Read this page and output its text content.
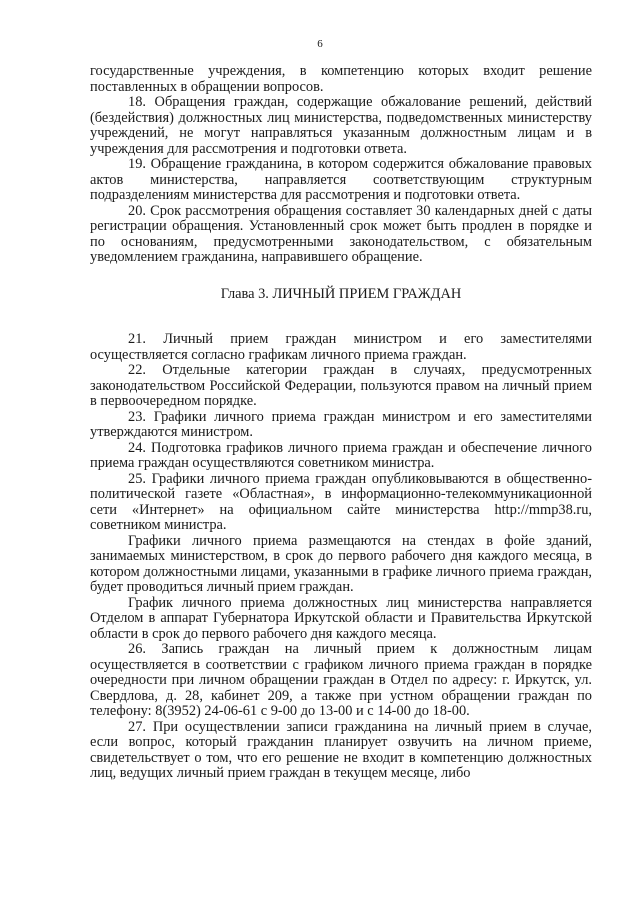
6

государственные учреждения, в компетенцию которых входит решение поставленных в обращении вопросов.

18. Обращения граждан, содержащие обжалование решений, действий (бездействия) должностных лиц министерства, подведомственных министерству учреждений, не могут направляться указанным должностным лицам и в учреждения для рассмотрения и подготовки ответа.

19. Обращение гражданина, в котором содержится обжалование правовых актов министерства, направляется соответствующим структурным подразделениям министерства для рассмотрения и подготовки ответа.

20. Срок рассмотрения обращения составляет 30 календарных дней с даты регистрации обращения. Установленный срок может быть продлен в порядке и по основаниям, предусмотренными законодательством, с обязательным уведомлением гражданина, направившего обращение.

Глава 3. ЛИЧНЫЙ ПРИЕМ ГРАЖДАН

21. Личный прием граждан министром и его заместителями осуществляется согласно графикам личного приема граждан.

22. Отдельные категории граждан в случаях, предусмотренных законодательством Российской Федерации, пользуются правом на личный прием в первоочередном порядке.

23. Графики личного приема граждан министром и его заместителями утверждаются министром.

24. Подготовка графиков личного приема граждан и обеспечение личного приема граждан осуществляются советником министра.

25. Графики личного приема граждан опубликовываются в общественно-политической газете «Областная», в информационно-телекоммуникационной сети «Интернет» на официальном сайте министерства http://mmp38.ru, советником министра.

Графики личного приема размещаются на стендах в фойе зданий, занимаемых министерством, в срок до первого рабочего дня каждого месяца, в котором должностными лицами, указанными в графике личного приема граждан, будет проводиться личный прием граждан.

График личного приема должностных лиц министерства направляется Отделом в аппарат Губернатора Иркутской области и Правительства Иркутской области в срок до первого рабочего дня каждого месяца.

26. Запись граждан на личный прием к должностным лицам осуществляется в соответствии с графиком личного приема граждан в порядке очередности при личном обращении граждан в Отдел по адресу: г. Иркутск, ул. Свердлова, д. 28, кабинет 209, а также при устном обращении граждан по телефону: 8(3952) 24-06-61 с 9-00 до 13-00 и с 14-00 до 18-00.

27. При осуществлении записи гражданина на личный прием в случае, если вопрос, который гражданин планирует озвучить на личном приеме, свидетельствует о том, что его решение не входит в компетенцию должностных лиц, ведущих личный прием граждан в текущем месяце, либо
